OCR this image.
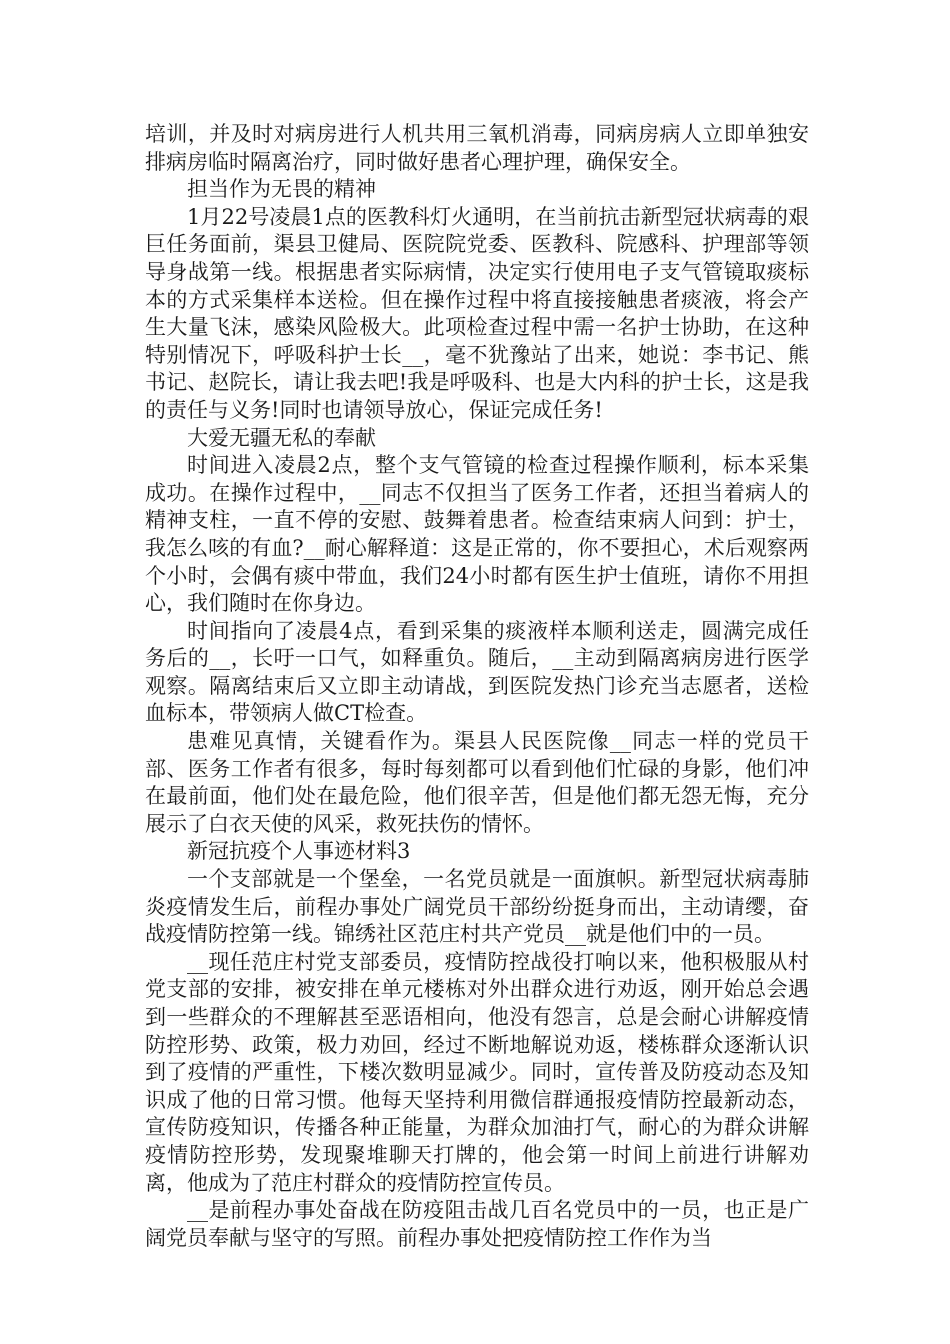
培训，并及时对病房进行人机共用三氧机消毒，同病房病人立即单独安排病房临时隔离治疗，同时做好患者心理护理，确保安全。

担当作为无畏的精神

1月22号凌晨1点的医教科灯火通明，在当前抗击新型冠状病毒的艰巨任务面前，渠县卫健局、医院院党委、医教科、院感科、护理部等领导身战第一线。根据患者实际病情，决定实行使用电子支气管镜取痰标本的方式采集样本送检。但在操作过程中将直接接触患者痰液，将会产生大量飞沫，感染风险极大。此项检查过程中需一名护士协助，在这种特别情况下，呼吸科护士长__，毫不犹豫站了出来，她说：李书记、熊书记、赵院长，请让我去吧!我是呼吸科、也是大内科的护士长，这是我的责任与义务!同时也请领导放心，保证完成任务!

大爱无疆无私的奉献

时间进入凌晨2点，整个支气管镜的检查过程操作顺利，标本采集成功。在操作过程中，__同志不仅担当了医务工作者，还担当着病人的精神支柱，一直不停的安慰、鼓舞着患者。检查结束病人问到：护士，我怎么咳的有血?__耐心解释道：这是正常的，你不要担心，术后观察两个小时，会偶有痰中带血，我们24小时都有医生护士值班，请你不用担心，我们随时在你身边。

时间指向了凌晨4点，看到采集的痰液样本顺利送走，圆满完成任务后的__，长吁一口气，如释重负。随后，__主动到隔离病房进行医学观察。隔离结束后又立即主动请战，到医院发热门诊充当志愿者，送检血标本，带领病人做CT检查。

患难见真情，关键看作为。渠县人民医院像__同志一样的党员干部、医务工作者有很多，每时每刻都可以看到他们忙碌的身影，他们冲在最前面，他们处在最危险，他们很辛苦，但是他们都无怨无悔，充分展示了白衣天使的风采，救死扶伤的情怀。

新冠抗疫个人事迹材料3

一个支部就是一个堡垒，一名党员就是一面旗帜。新型冠状病毒肺炎疫情发生后，前程办事处广阔党员干部纷纷挺身而出，主动请缨，奋战疫情防控第一线。锦绣社区范庄村共产党员__就是他们中的一员。

__现任范庄村党支部委员，疫情防控战役打响以来，他积极服从村党支部的安排，被安排在单元楼栋对外出群众进行劝返，刚开始总会遇到一些群众的不理解甚至恶语相向，他没有怨言，总是会耐心讲解疫情防控形势、政策，极力劝回，经过不断地解说劝返，楼栋群众逐渐认识到了疫情的严重性，下楼次数明显减少。同时，宣传普及防疫动态及知识成了他的日常习惯。他每天坚持利用微信群通报疫情防控最新动态，宣传防疫知识，传播各种正能量，为群众加油打气，耐心的为群众讲解疫情防控形势，发现聚堆聊天打牌的，他会第一时间上前进行讲解劝离，他成为了范庄村群众的疫情防控宣传员。

__是前程办事处奋战在防疫阻击战几百名党员中的一员，也正是广阔党员奉献与坚守的写照。前程办事处把疫情防控工作作为当
